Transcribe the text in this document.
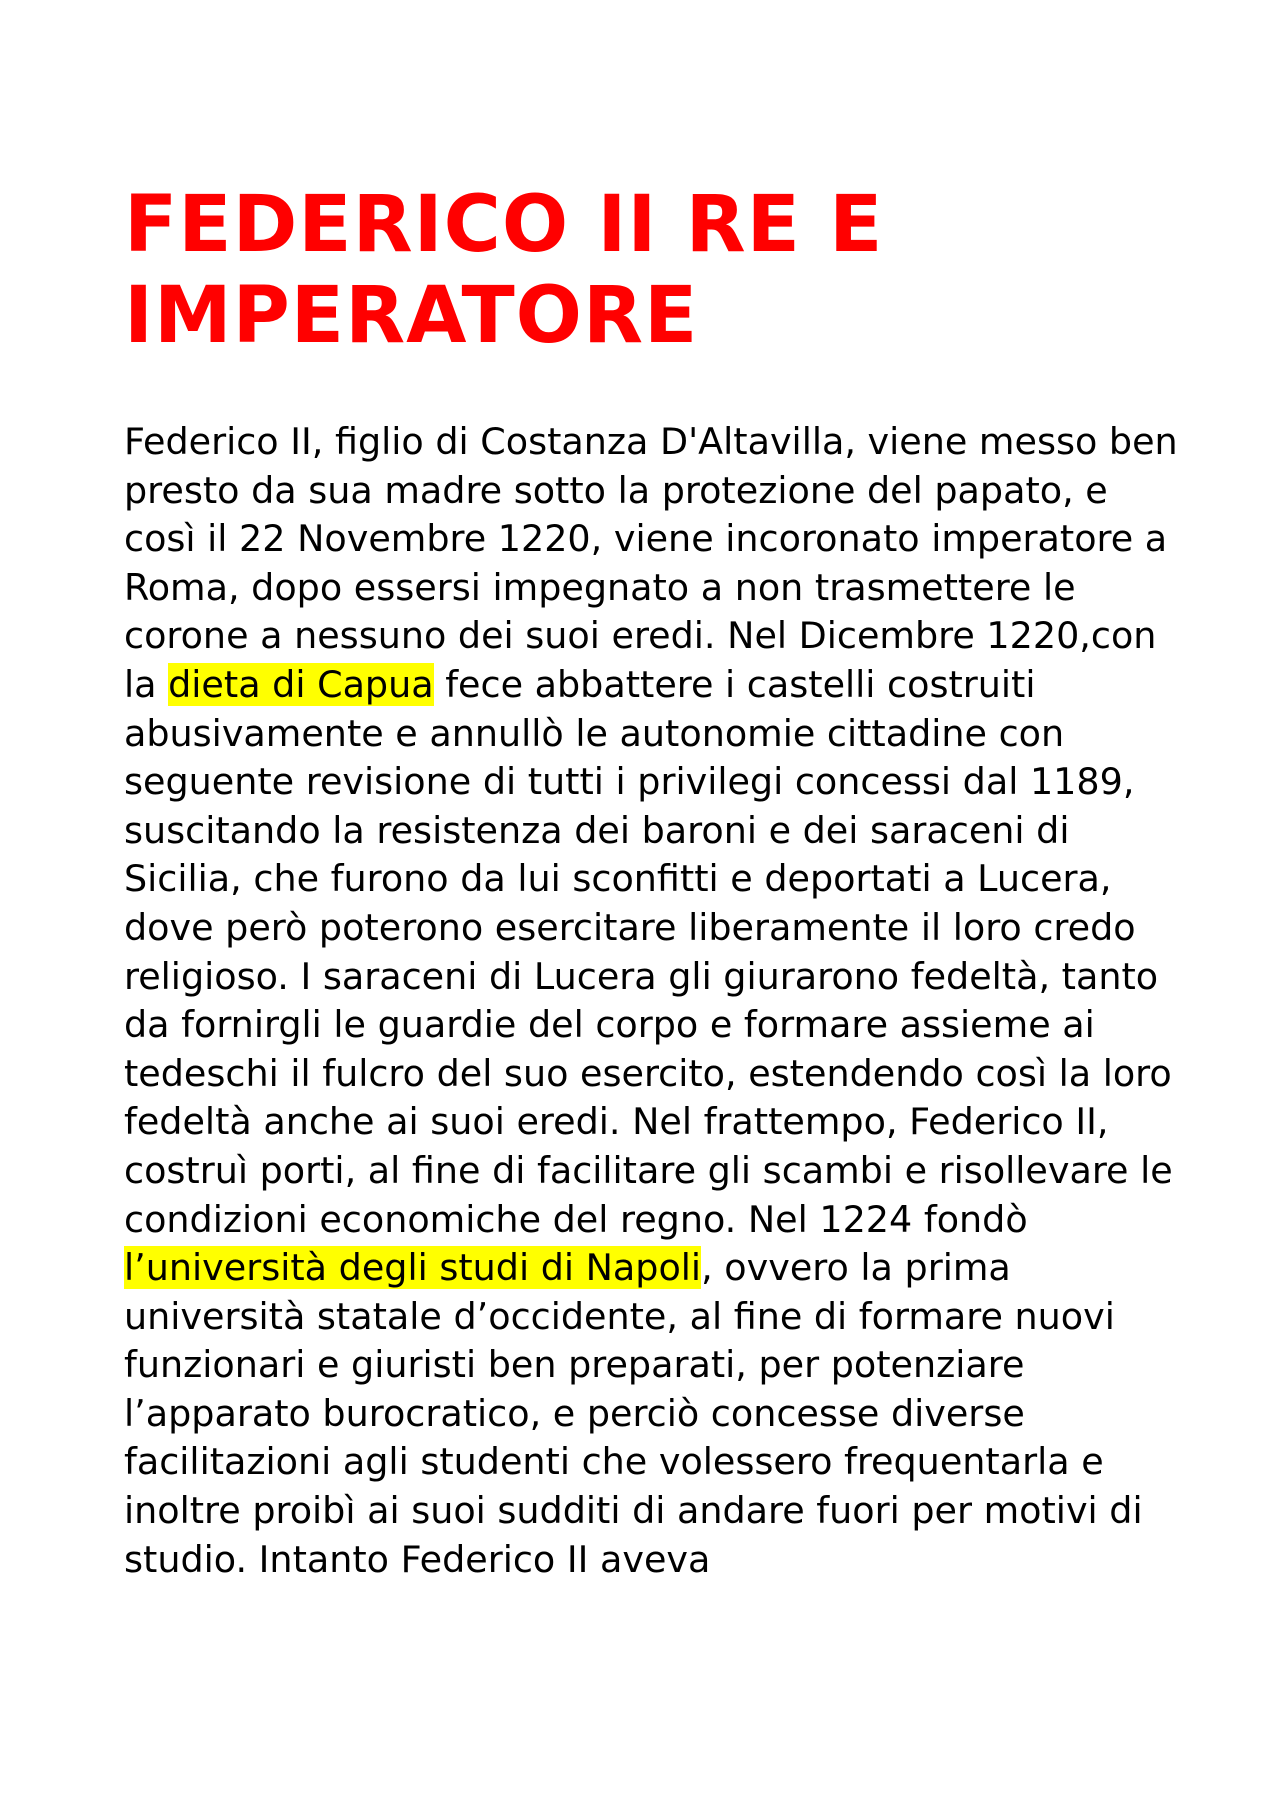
FEDERICO II RE E IMPERATORE

Federico II, figlio di Costanza D'Altavilla, viene messo ben presto da sua madre sotto la protezione del papato, e così il 22 Novembre 1220, viene incoronato imperatore a Roma, dopo essersi impegnato a non trasmettere le corone a nessuno dei suoi eredi. Nel Dicembre 1220,con la dieta di Capua fece abbattere i castelli costruiti abusivamente e annullò le autonomie cittadine con seguente revisione di tutti i privilegi concessi dal 1189, suscitando la resistenza dei baroni e dei saraceni di Sicilia, che furono da lui sconfitti e deportati a Lucera, dove però poterono esercitare liberamente il loro credo religioso. I saraceni di Lucera gli giurarono fedeltà, tanto da fornirgli le guardie del corpo e formare assieme ai tedeschi il fulcro del suo esercito, estendendo così la loro fedeltà anche ai suoi eredi. Nel frattempo, Federico II, costruì porti, al fine di facilitare gli scambi e risollevare le condizioni economiche del regno. Nel 1224 fondò l’università degli studi di Napoli, ovvero la prima università statale d’occidente, al fine di formare nuovi funzionari e giuristi ben preparati, per potenziare l’apparato burocratico, e perciò concesse diverse facilitazioni agli studenti che volessero frequentarla e inoltre proibì ai suoi sudditi di andare fuori per motivi di studio. Intanto Federico II aveva
